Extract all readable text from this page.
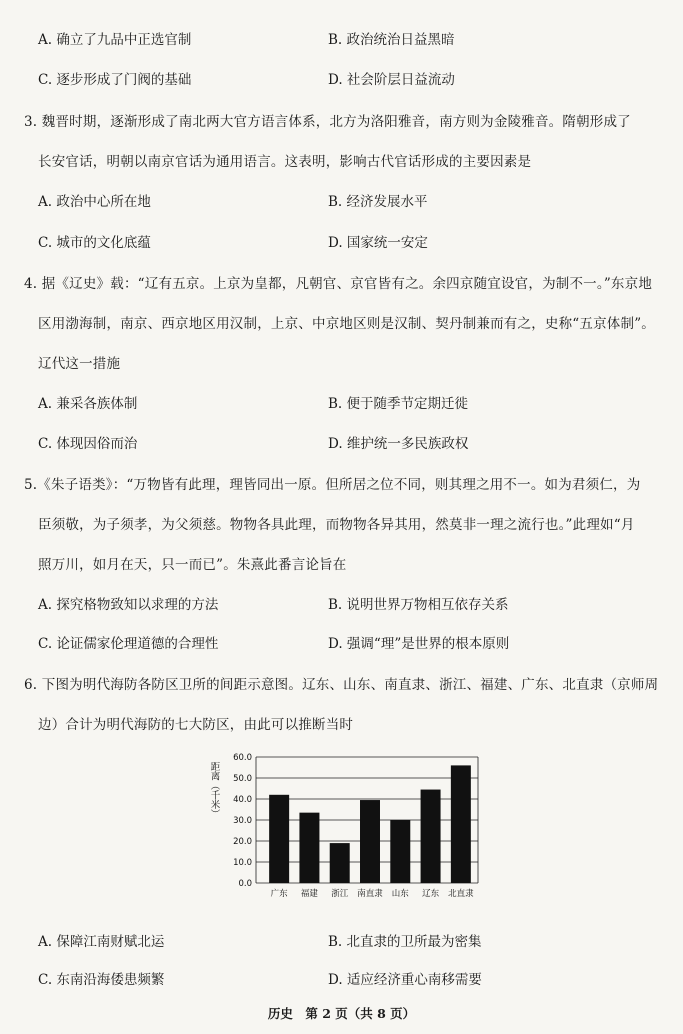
A. 确立了九品中正选官制	B. 政治统治日益黑暗
C. 逐步形成了门阀的基础	D. 社会阶层日益流动
3. 魏晋时期，逐渐形成了南北两大官方语言体系，北方为洛阳雅音，南方则为金陵雅音。隋朝形成了
长安官话，明朝以南京官话为通用语言。这表明，影响古代官话形成的主要因素是
A. 政治中心所在地	B. 经济发展水平
C. 城市的文化底蕴	D. 国家统一安定
4. 据《辽史》载：“辽有五京。上京为皇都，凡朝官、京官皆有之。余四京随宜设官，为制不一。”东京地
区用渤海制，南京、西京地区用汉制，上京、中京地区则是汉制、契丹制兼而有之，史称“五京体制”。
辽代这一措施
A. 兼采各族体制	B. 便于随季节定期迁徙
C. 体现因俗而治	D. 维护统一多民族政权
5.《朱子语类》：“万物皆有此理，理皆同出一原。但所居之位不同，则其理之用不一。如为君须仁，为
臣须敬，为子须孝，为父须慈。物物各具此理，而物物各异其用，然莫非一理之流行也。”此理如“月
照万川，如月在天，只一而已”。朱熹此番言论旨在
A. 探究格物致知以求理的方法	B. 说明世界万物相互依存关系
C. 论证儒家伦理道德的合理性	D. 强调“理”是世界的根本原则
6. 下图为明代海防各防区卫所的间距示意图。辽东、山东、南直隶、浙江、福建、广东、北直隶（京师周
边）合计为明代海防的七大防区，由此可以推断当时
0.0
10.0
20.0
30.0
40.0
50.0
60.0
广东 福建 浙江 南直隶 山东 辽东 北直隶
距离（千米）
A. 保障江南财赋北运	B. 北直隶的卫所最为密集
C. 东南沿海倭患频繁	D. 适应经济重心南移需要
历史　第 2 页（共 8 页）
